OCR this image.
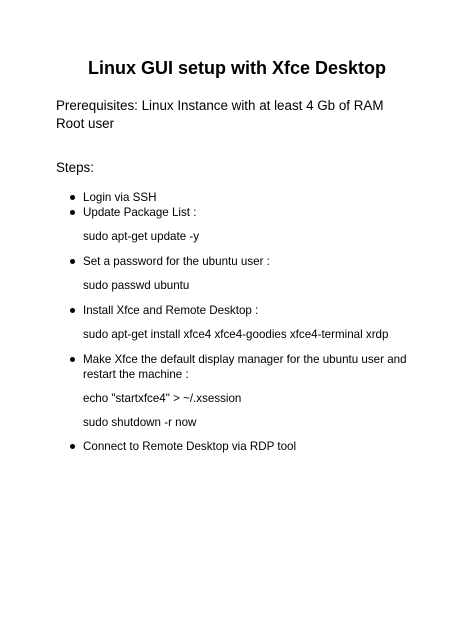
Linux GUI setup with Xfce Desktop
Prerequisites: Linux Instance with at least 4 Gb of RAM
Root user
Steps:
Login via SSH
Update Package List :
sudo apt-get update -y
Set a password for the ubuntu user :
sudo passwd ubuntu
Install Xfce and Remote Desktop :
sudo apt-get install xfce4 xfce4-goodies xfce4-terminal xrdp
Make Xfce the default display manager for the ubuntu user and restart the machine :
echo "startxfce4" > ~/.xsession
sudo shutdown -r now
Connect to Remote Desktop via RDP tool
